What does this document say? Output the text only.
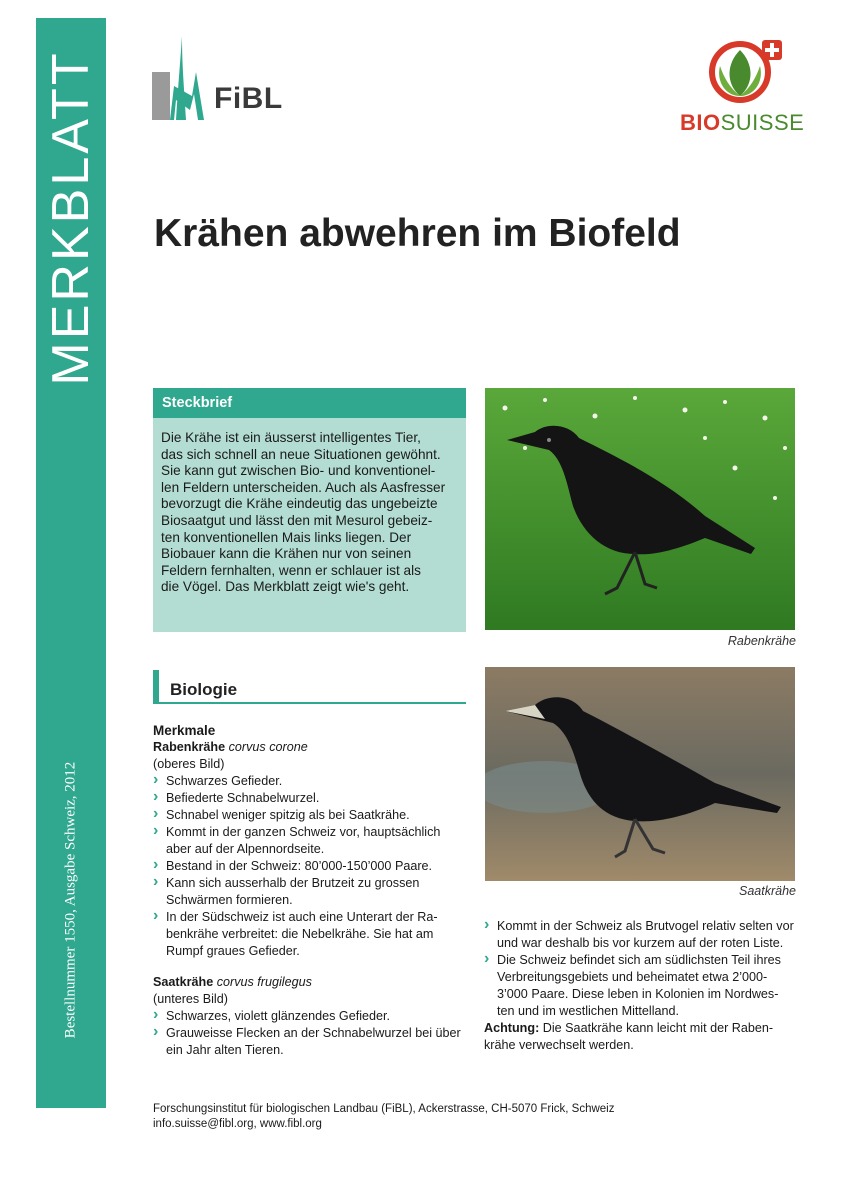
MERKBLATT
Bestellnummer 1550, Ausgabe Schweiz, 2012
FiBL
BIOSUISSE
Krähen abwehren im Biofeld
Steckbrief
Die Krähe ist ein äusserst intelligentes Tier,
das sich schnell an neue Situationen gewöhnt.
Sie kann gut zwischen Bio- und konventionel-
len Feldern unterscheiden. Auch als Aasfresser
bevorzugt die Krähe eindeutig das ungebeizte
Biosaatgut und lässt den mit Mesurol gebeiz-
ten konventionellen Mais links liegen. Der
Biobauer kann die Krähen nur von seinen
Feldern fernhalten, wenn er schlauer ist als
die Vögel. Das Merkblatt zeigt wie's geht.
Rabenkrähe
Biologie
Saatkrähe
Merkmale
Rabenkrähe corvus corone
(oberes Bild)
› Schwarzes Gefieder.
› Befiederte Schnabelwurzel.
› Schnabel weniger spitzig als bei Saatkrähe.
› Kommt in der ganzen Schweiz vor, hauptsächlich aber auf der Alpennordseite.
› Bestand in der Schweiz: 80’000-150’000 Paare.
› Kann sich ausserhalb der Brutzeit zu grossen Schwärmen formieren.
› In der Südschweiz ist auch eine Unterart der Ra-benkrähe verbreitet: die Nebelkrähe. Sie hat am Rumpf graues Gefieder.
Saatkrähe corvus frugilegus
(unteres Bild)
› Schwarzes, violett glänzendes Gefieder.
› Grauweisse Flecken an der Schnabelwurzel bei über ein Jahr alten Tieren.
› Kommt in der Schweiz als Brutvogel relativ selten vor und war deshalb bis vor kurzem auf der roten Liste.
› Die Schweiz befindet sich am südlichsten Teil ihres Verbreitungsgebiets und beheimatet etwa 2’000-3’000 Paare. Diese leben in Kolonien im Nordwes-ten und im westlichen Mittelland.
Achtung: Die Saatkrähe kann leicht mit der Raben-krähe verwechselt werden.
Forschungsinstitut für biologischen Landbau (FiBL), Ackerstrasse, CH-5070 Frick, Schweiz
info.suisse@fibl.org, www.fibl.org
